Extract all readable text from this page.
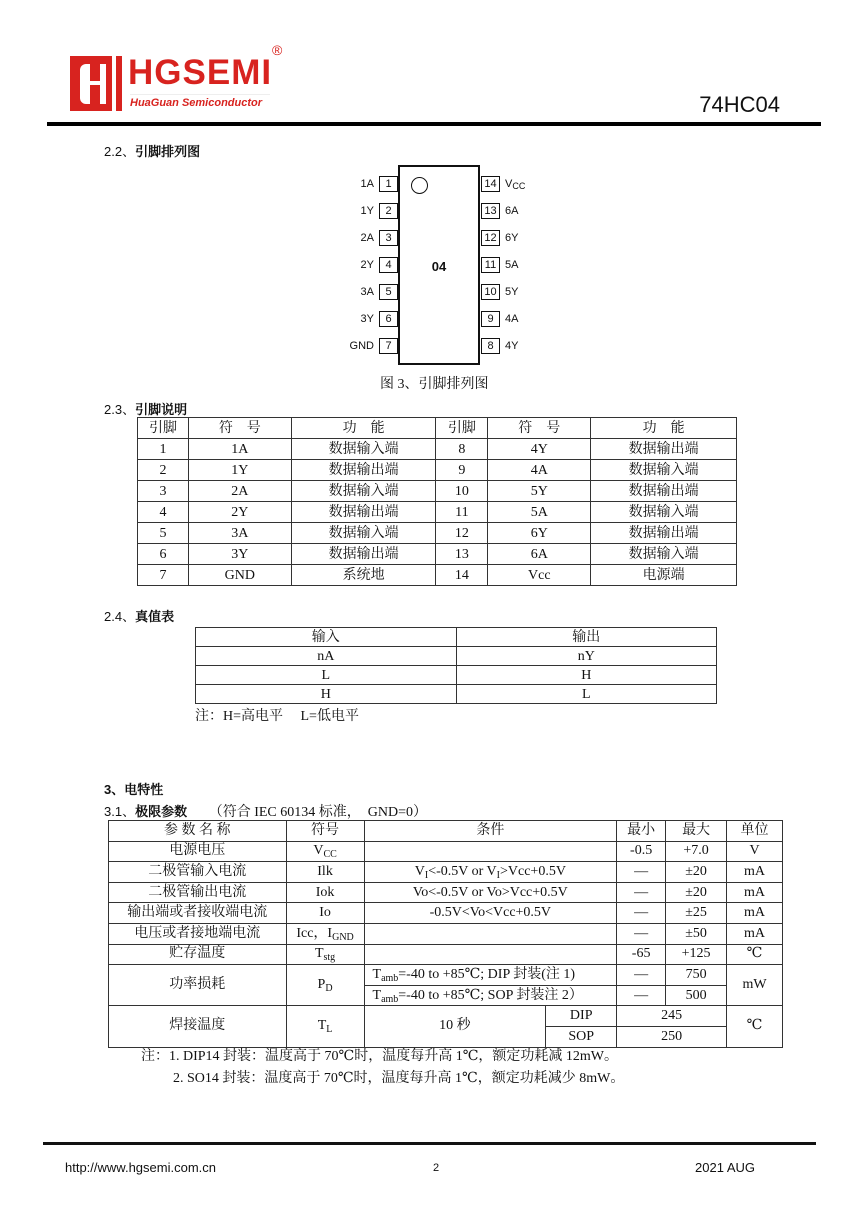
HGSEMI
HuaGuan Semiconductor
®
74HC04
2.2、引脚排列图
04
1A	1
1Y	2
2A	3
2Y	4
3A	5
3Y	6
GND	7
14 $V_{CC}$
13 6A
12 6Y
11 5A
10 5Y
9	4A
8	4Y
图 3、引脚排列图
2.3、引脚说明
引脚	符　号	功　能	引脚	符　号	功　能
1	1A	数据输入端	8	4Y	数据输出端
2	1Y	数据输出端	9	4A	数据输入端
3	2A	数据输入端	10	5Y	数据输出端
4	2Y	数据输出端	11	5A	数据输入端
5	3A	数据输入端	12	6Y	数据输出端
6	3Y	数据输出端	13	6A	数据输入端
7	GND	系统地	14	Vcc	电源端
2.4、真值表
输入	输出
nA	nY
L	H
H	L
注：H=高电平　 L=低电平
3、电特性
3.1、极限参数 （符合 IEC 60134 标准，　GND=0）
参 数 名 称	符号	条件		最小	最大	单位
电源电压	$V_{CC}$			-0.5	+7.0	V
二极管输入电流	Ilk	$V_I<-0.5V$ or $V_I>Vcc+0.5V$		—	±20	mA
二极管输出电流	Iok	Vo<-0.5V or Vo>Vcc+0.5V		—	±20	mA
输出端或者接收端电流	Io	-0.5V<Vo<Vcc+0.5V		—	±25	mA
电压或者接地端电流	Icc，$I_{GND}$			—	±50	mA
贮存温度	$T_{stg}$			-65	+125	℃
功率损耗	$P_D$	$T_{amb}=-40$ to +85℃; DIP 封装(注 1)		—	750	mW
		$T_{amb}=-40$ to +85℃; SOP 封装注 2）		—	500	
焊接温度	$T_L$	10 秒	DIP	245		℃
			SOP	250		
注：1. DIP14 封装：温度高于 70℃时，温度每升高 1℃，额定功耗减 12mW。
2. SO14 封装：温度高于 70℃时，温度每升高 1℃，额定功耗减少 8mW。
http://www.hgsemi.com.cn	2	2021 AUG
